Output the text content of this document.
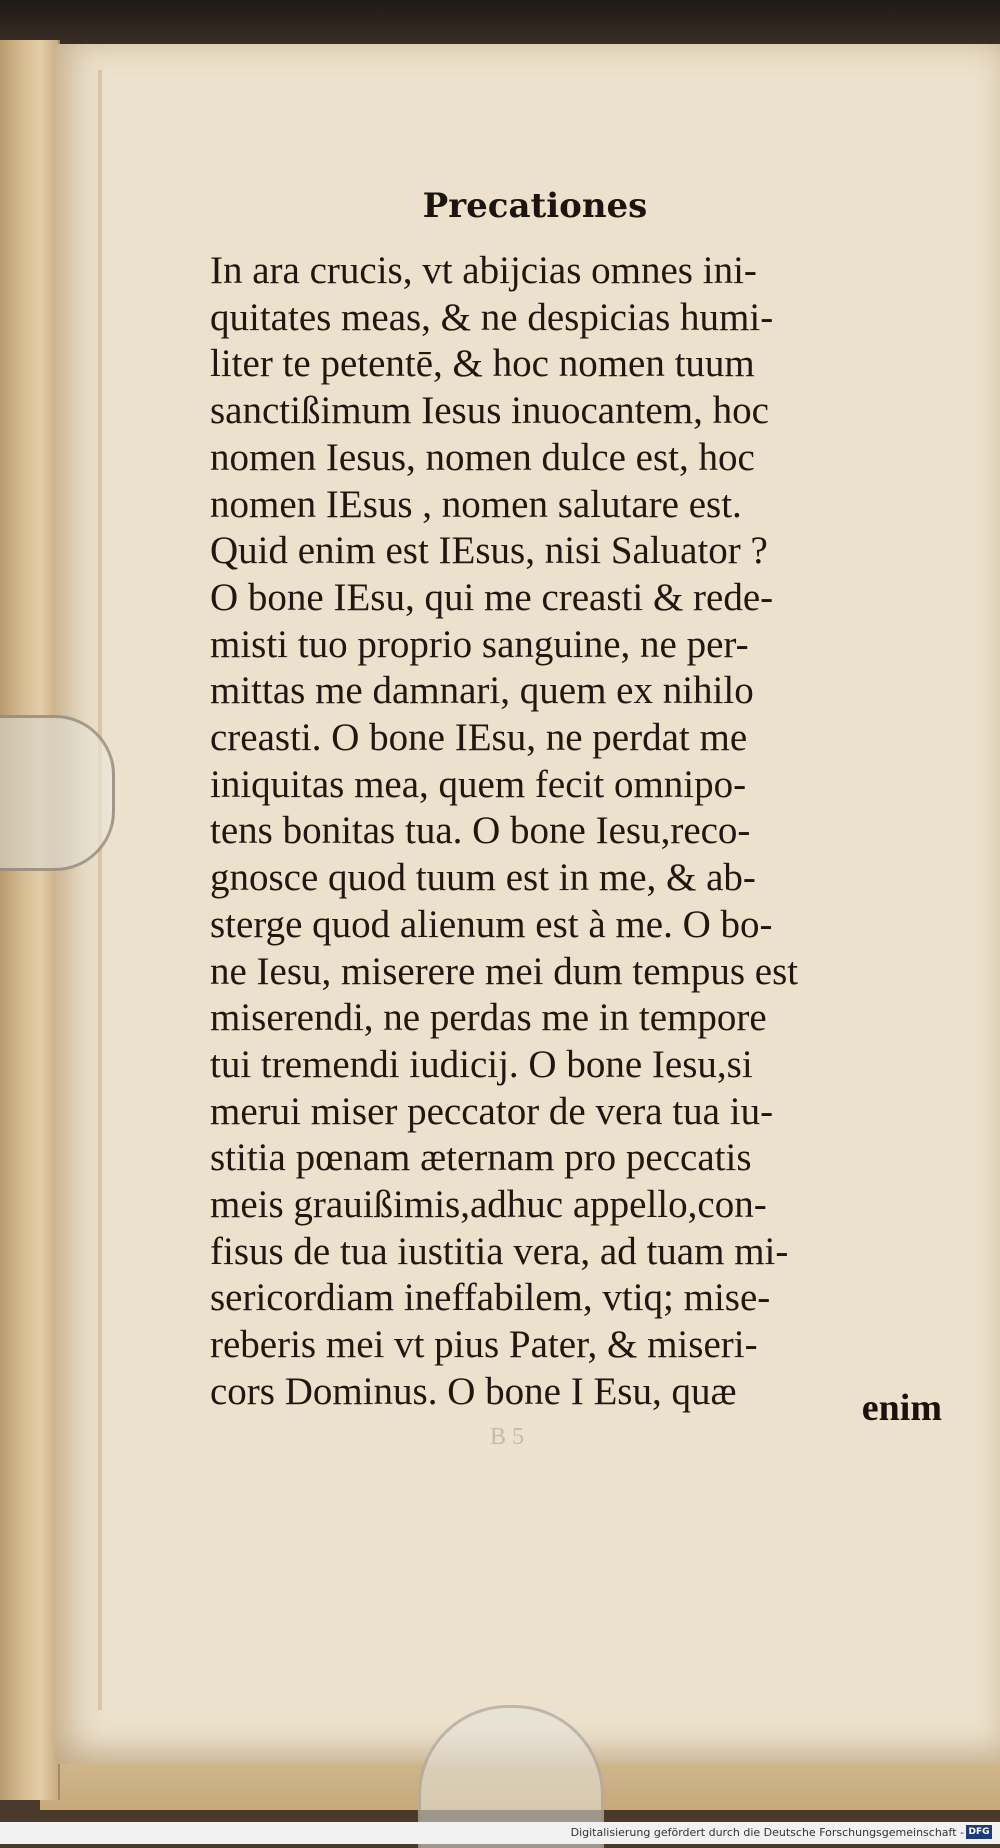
Precationes
In ara crucis, vt abijcias omnes ini-
quitates meas, & ne despicias humi-
liter te petentē, & hoc nomen tuum
sanctißimum Iesus inuocantem, hoc
nomen Iesus, nomen dulce est, hoc
nomen IEsus , nomen salutare est.
Quid enim est IEsus, nisi Saluator ?
O bone IEsu, qui me creasti & rede-
misti tuo proprio sanguine, ne per-
mittas me damnari, quem ex nihilo
creasti. O bone IEsu, ne perdat me
iniquitas mea, quem fecit omnipo-
tens bonitas tua. O bone Iesu,reco-
gnosce quod tuum est in me, & ab-
sterge quod alienum est à me. O bo-
ne Iesu, miserere mei dum tempus est
miserendi, ne perdas me in tempore
tui tremendi iudicij. O bone Iesu,si
merui miser peccator de vera tua iu-
stitia pœnam æternam pro peccatis
meis grauißimis,adhuc appello,con-
fisus de tua iustitia vera, ad tuam mi-
sericordiam ineffabilem, vtiq; mise-
reberis mei vt pius Pater, & miseri-
cors Dominus. O bone I Esu, quæ	enim
B 5
Digitalisierung gefördert durch die Deutsche Forschungsgemeinschaft - DFG
